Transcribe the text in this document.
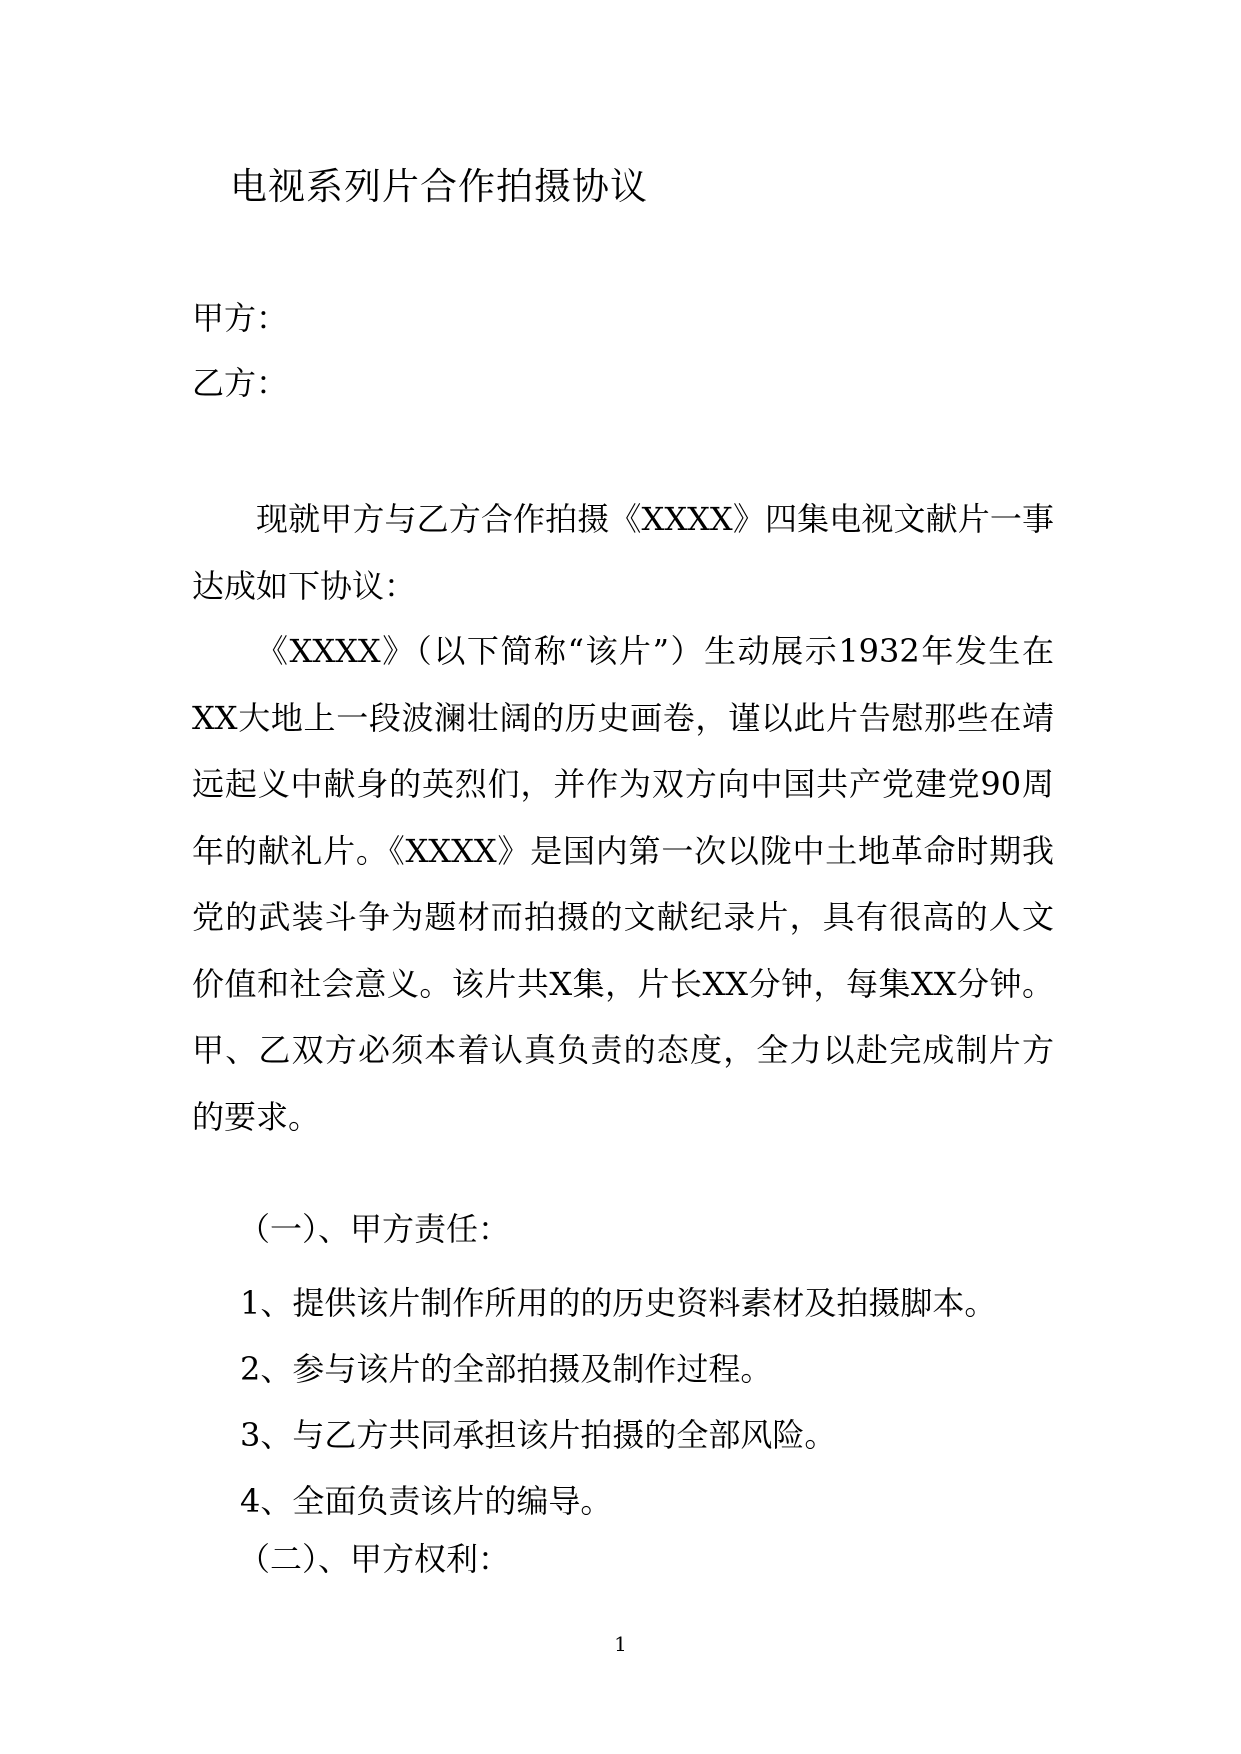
电视系列片合作拍摄协议
甲方：
乙方：

现就甲方与乙方合作拍摄《XXXX》四集电视文献片一事达成如下协议：

《XXXX》（以下简称“该片”）生动展示1932年发生在XX大地上一段波澜壮阔的历史画卷，谨以此片告慰那些在靖远起义中献身的英烈们，并作为双方向中国共产党建党90周年的献礼片。《XXXX》是国内第一次以陇中土地革命时期我党的武装斗争为题材而拍摄的文献纪录片，具有很高的人文价值和社会意义。该片共X集，片长XX分钟，每集XX分钟。甲、乙双方必须本着认真负责的态度，全力以赴完成制片方的要求。

（一）、甲方责任：

1、提供该片制作所用的的历史资料素材及拍摄脚本。
2、参与该片的全部拍摄及制作过程。
3、与乙方共同承担该片拍摄的全部风险。
4、全面负责该片的编导。

（二）、甲方权利：

1
